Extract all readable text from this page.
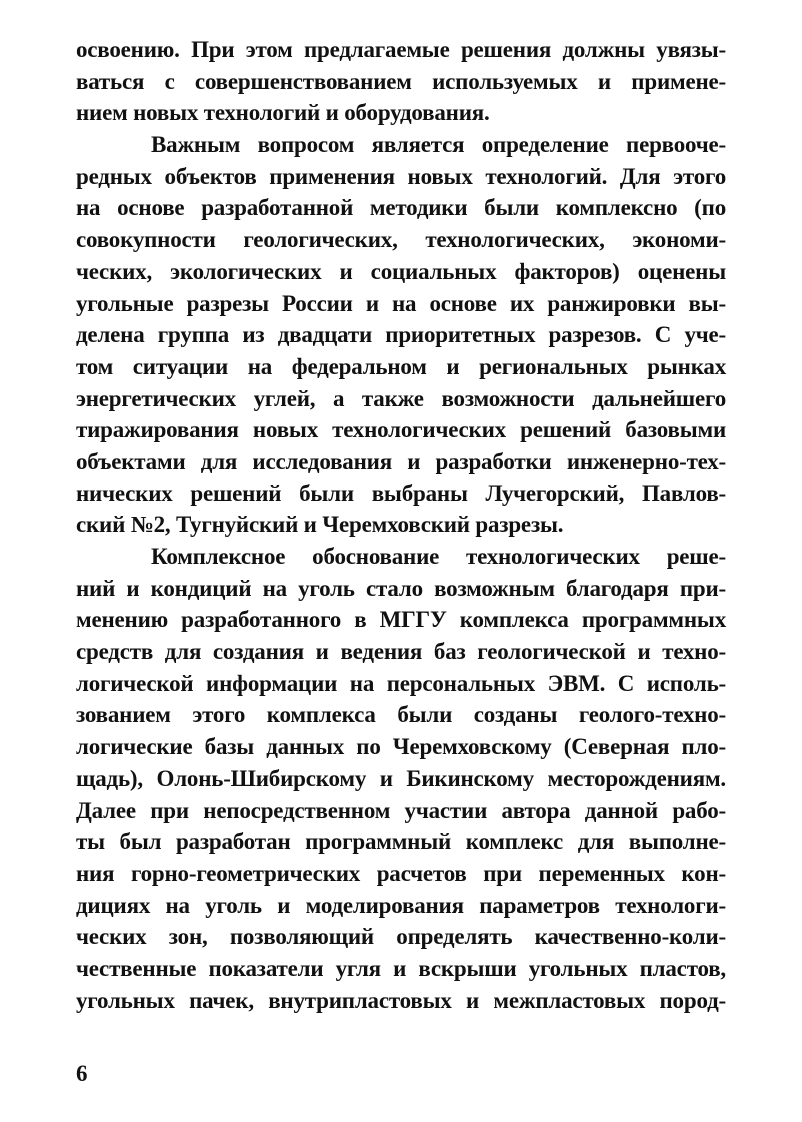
освоению. При этом предлагаемые решения должны увязы-
ваться с совершенствованием используемых и примене-
нием новых технологий и оборудования.
Важным вопросом является определение первооче-
редных объектов применения новых технологий. Для этого
на основе разработанной методики были комплексно (по
совокупности геологических, технологических, экономи-
ческих, экологических и социальных факторов) оценены
угольные разрезы России и на основе их ранжировки вы-
делена группа из двадцати приоритетных разрезов. С уче-
том ситуации на федеральном и региональных рынках
энергетических углей, а также возможности дальнейшего
тиражирования новых технологических решений базовыми
объектами для исследования и разработки инженерно-тех-
нических решений были выбраны Лучегорский, Павлов-
ский №2, Тугнуйский и Черемховский разрезы.
Комплексное обоснование технологических реше-
ний и кондиций на уголь стало возможным благодаря при-
менению разработанного в МГГУ комплекса программных
средств для создания и ведения баз геологической и техно-
логической информации на персональных ЭВМ. С исполь-
зованием этого комплекса были созданы геолого-техно-
логические базы данных по Черемховскому (Северная пло-
щадь), Олонь-Шибирскому и Бикинскому месторождениям.
Далее при непосредственном участии автора данной рабо-
ты был разработан программный комплекс для выполне-
ния горно-геометрических расчетов при переменных кон-
дициях на уголь и моделирования параметров технологи-
ческих зон, позволяющий определять качественно-коли-
чественные показатели угля и вскрыши угольных пластов,
угольных пачек, внутрипластовых и межпластовых пород-
6
